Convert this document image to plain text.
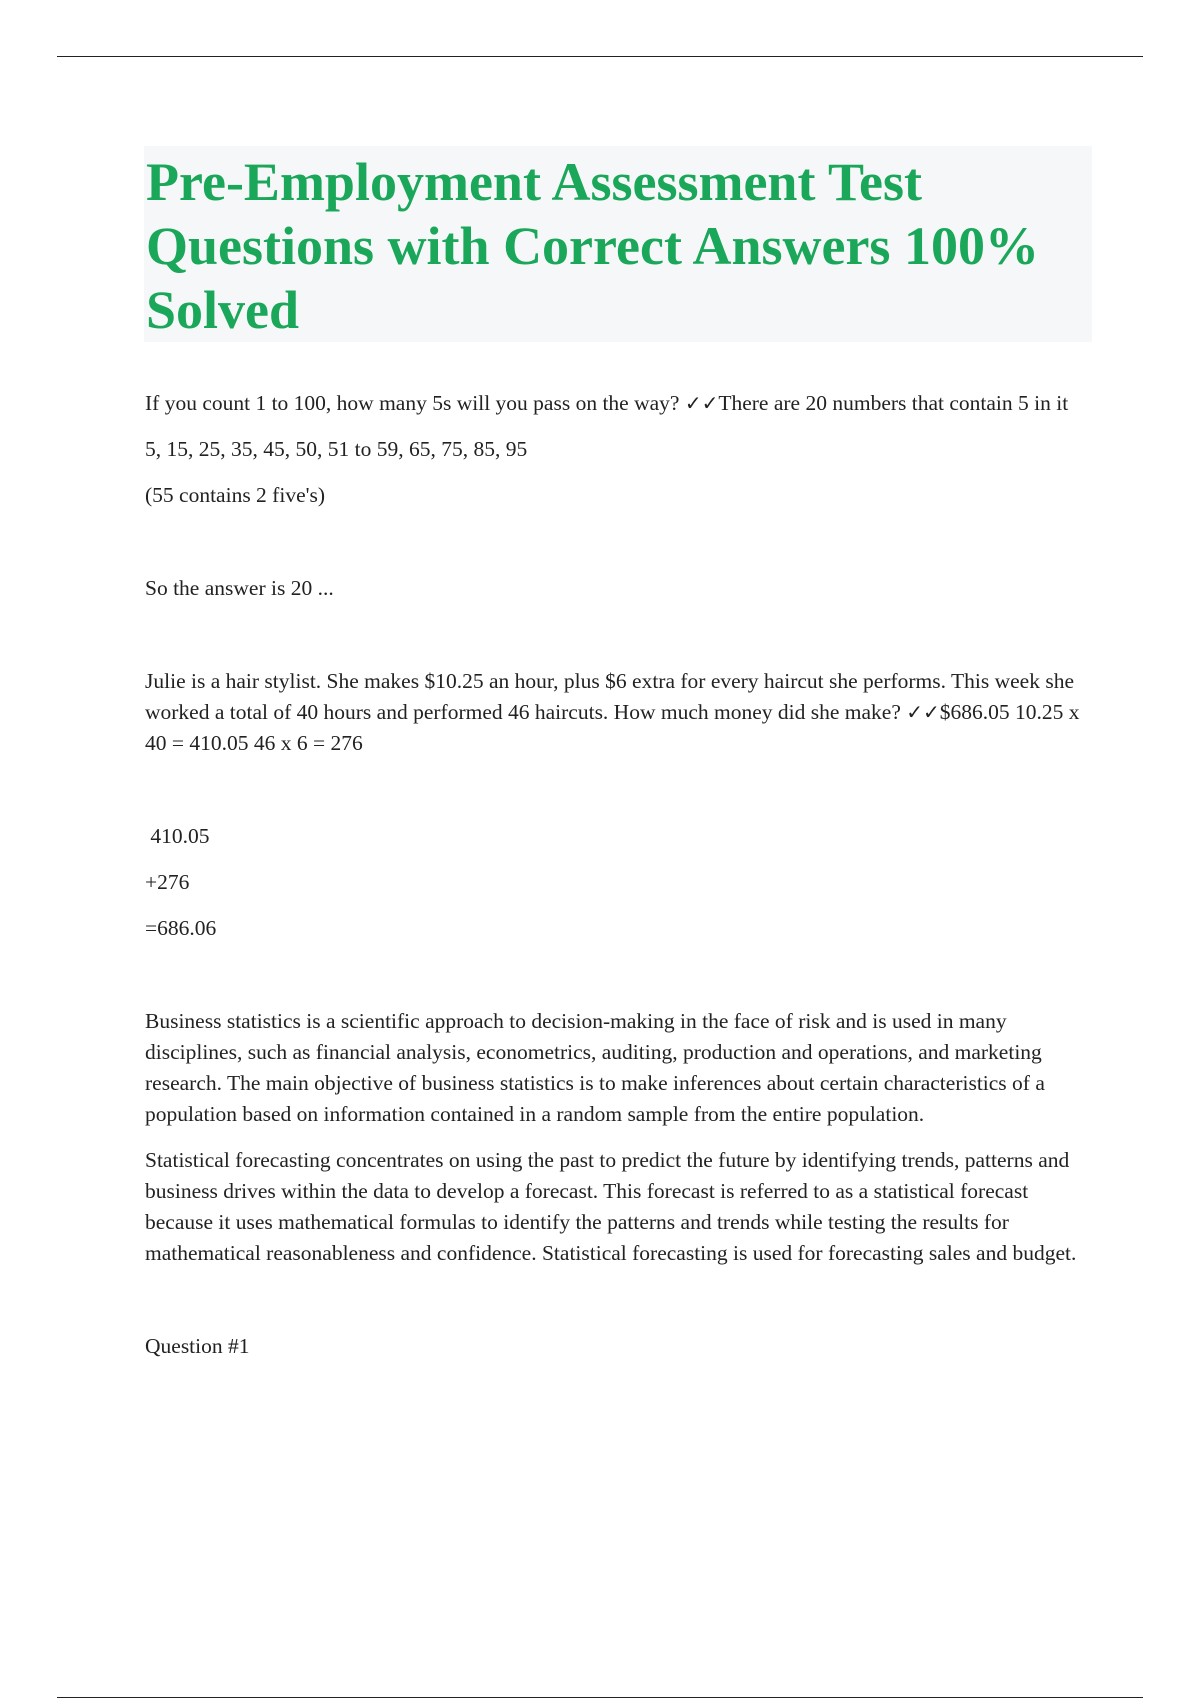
Pre-Employment Assessment Test Questions with Correct Answers 100% Solved

If you count 1 to 100, how many 5s will you pass on the way? ✓✓There are 20 numbers that contain 5 in it

5, 15, 25, 35, 45, 50, 51 to 59, 65, 75, 85, 95

(55 contains 2 five's)

So the answer is 20 ...

Julie is a hair stylist. She makes $10.25 an hour, plus $6 extra for every haircut she performs. This week she worked a total of 40 hours and performed 46 haircuts. How much money did she make? ✓✓$686.05 10.25 x 40 = 410.05 46 x 6 = 276

410.05

+276

=686.06

Business statistics is a scientific approach to decision-making in the face of risk and is used in many disciplines, such as financial analysis, econometrics, auditing, production and operations, and marketing research. The main objective of business statistics is to make inferences about certain characteristics of a population based on information contained in a random sample from the entire population.

Statistical forecasting concentrates on using the past to predict the future by identifying trends, patterns and business drives within the data to develop a forecast. This forecast is referred to as a statistical forecast because it uses mathematical formulas to identify the patterns and trends while testing the results for mathematical reasonableness and confidence. Statistical forecasting is used for forecasting sales and budget.

Question #1
